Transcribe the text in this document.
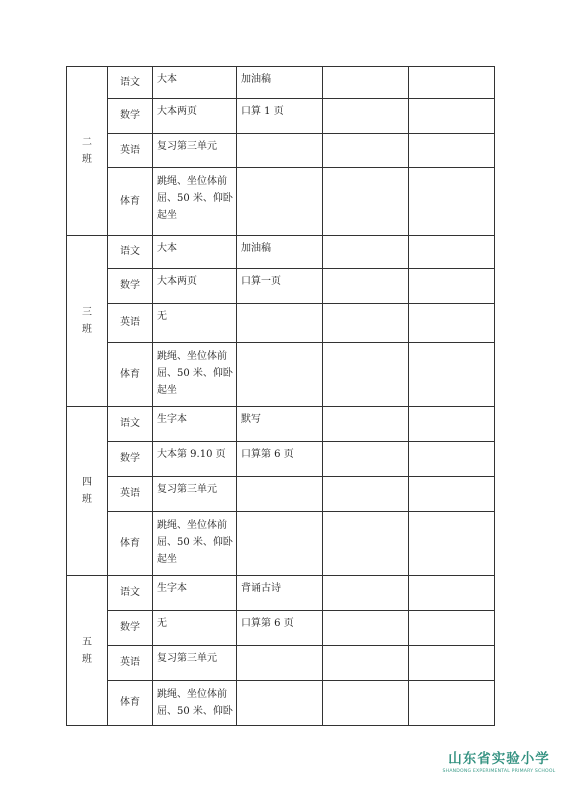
二
班	语文	大本	加油稿		
	数学	大本两页	口算 1 页		
	英语	复习第三单元			
	体育	跳绳、坐位体前屈、50 米、仰卧起坐			

三
班	语文	大本	加油稿		
	数学	大本两页	口算一页		
	英语	无			
	体育	跳绳、坐位体前屈、50 米、仰卧起坐			

四
班	语文	生字本	默写		
	数学	大本第 9.10 页	口算第 6 页		
	英语	复习第三单元			
	体育	跳绳、坐位体前屈、50 米、仰卧起坐			

五
班	语文	生字本	背诵古诗		
	数学	无	口算第 6 页		
	英语	复习第三单元			
	体育	跳绳、坐位体前屈、50 米、仰卧			
山东省实验小学
SHANDONG EXPERIMENTAL PRIMARY SCHOOL
